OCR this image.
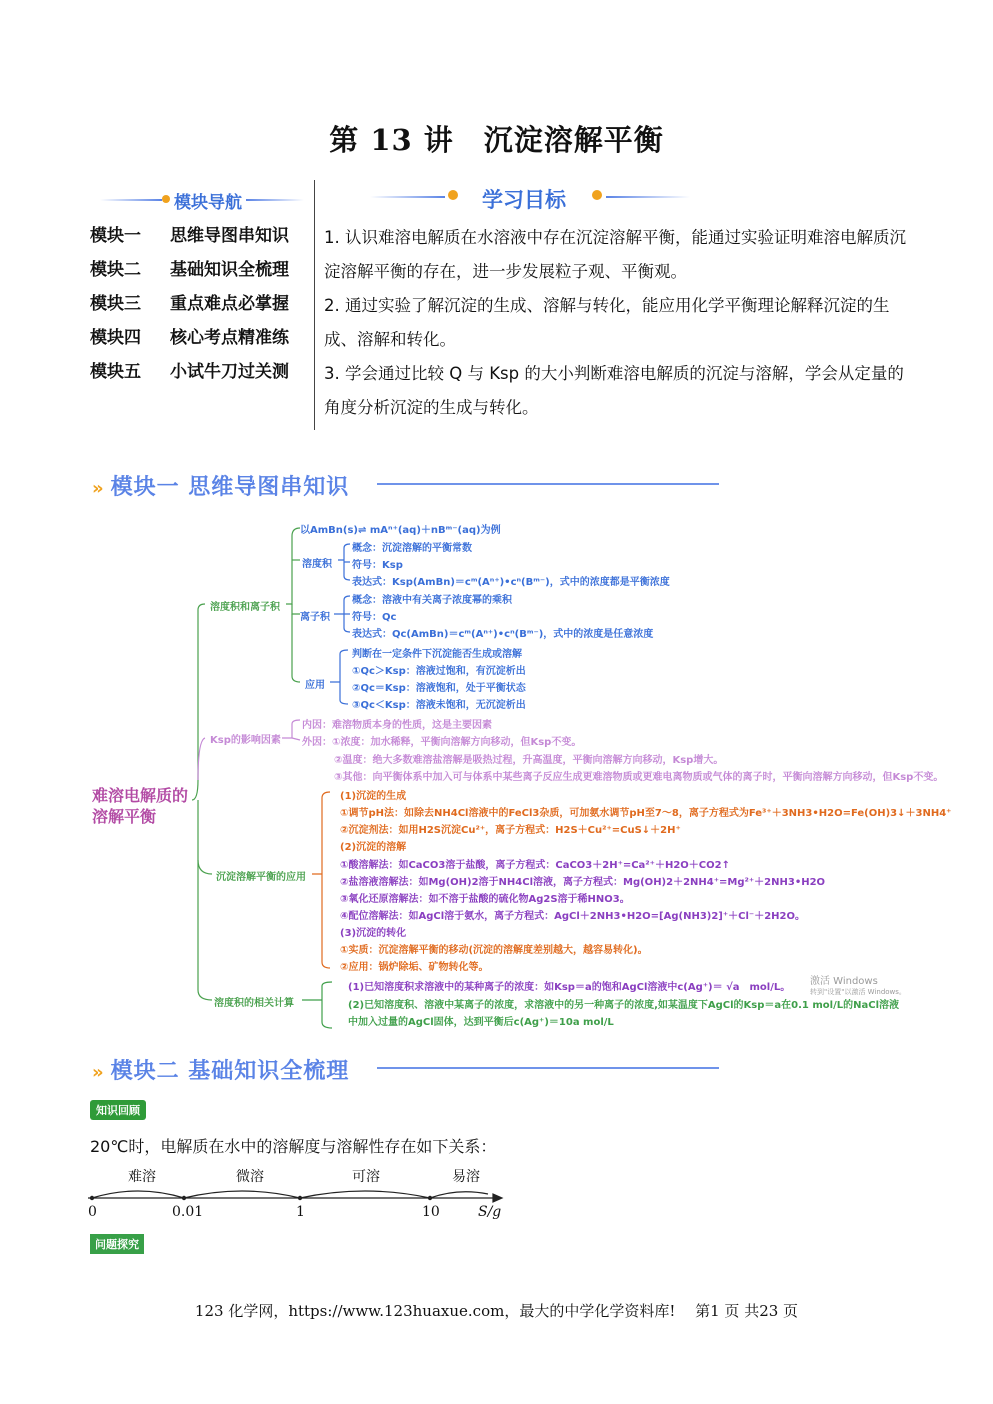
第 13 讲　沉淀溶解平衡
模块导航
模块一 思维导图串知识
模块二 基础知识全梳理
模块三 重点难点必掌握
模块四 核心考点精准练
模块五 小试牛刀过关测
学习目标
1. 认识难溶电解质在水溶液中存在沉淀溶解平衡，能通过实验证明难溶电解质沉淀溶解平衡的存在，进一步发展粒子观、平衡观。
2. 通过实验了解沉淀的生成、溶解与转化，能应用化学平衡理论解释沉淀的生成、溶解和转化。
3. 学会通过比较 Q 与 Ksp 的大小判断难溶电解质的沉淀与溶解，学会从定量的角度分析沉淀的生成与转化。
» 模块一 思维导图串知识
难溶电解质的
溶解平衡
溶度积和离子积
Ksp的影响因素
沉淀溶解平衡的应用
溶度积的相关计算
以AmBn(s)⇌ mAⁿ⁺(aq)＋nBᵐ⁻(aq)为例
溶度积
离子积
应用
概念：沉淀溶解的平衡常数
符号：Ksp
表达式：Ksp(AmBn)＝cᵐ(Aⁿ⁺)•cⁿ(Bᵐ⁻)，式中的浓度都是平衡浓度
概念：溶液中有关离子浓度幂的乘积
符号：Qc
表达式：Qc(AmBn)＝cᵐ(Aⁿ⁺)•cⁿ(Bᵐ⁻)，式中的浓度是任意浓度
判断在一定条件下沉淀能否生成或溶解
①Qc＞Ksp：溶液过饱和，有沉淀析出
②Qc＝Ksp：溶液饱和，处于平衡状态
③Qc＜Ksp：溶液未饱和，无沉淀析出
内因：难溶物质本身的性质，这是主要因素
外因：①浓度：加水稀释，平衡向溶解方向移动，但Ksp不变。
②温度：绝大多数难溶盐溶解是吸热过程，升高温度，平衡向溶解方向移动，Ksp增大。
③其他：向平衡体系中加入可与体系中某些离子反应生成更难溶物质或更难电离物质或气体的离子时，平衡向溶解方向移动，但Ksp不变。
(1)沉淀的生成
①调节pH法：如除去NH4Cl溶液中的FeCl3杂质，可加氨水调节pH至7～8，离子方程式为Fe³⁺＋3NH3•H2O=Fe(OH)3↓＋3NH4⁺
②沉淀剂法：如用H2S沉淀Cu²⁺，离子方程式：H2S＋Cu²⁺=CuS↓＋2H⁺
(2)沉淀的溶解
①酸溶解法：如CaCO3溶于盐酸，离子方程式：CaCO3＋2H⁺=Ca²⁺＋H2O＋CO2↑
②盐溶液溶解法：如Mg(OH)2溶于NH4Cl溶液，离子方程式：Mg(OH)2＋2NH4⁺=Mg²⁺＋2NH3•H2O
③氧化还原溶解法：如不溶于盐酸的硫化物Ag2S溶于稀HNO3。
④配位溶解法：如AgCl溶于氨水，离子方程式：AgCl＋2NH3•H2O=[Ag(NH3)2]⁺＋Cl⁻＋2H2O。
(3)沉淀的转化
①实质：沉淀溶解平衡的移动(沉淀的溶解度差别越大，越容易转化)。
②应用：锅炉除垢、矿物转化等。
(1)已知溶度积求溶液中的某种离子的浓度：如Ksp＝a的饱和AgCl溶液中c(Ag⁺)＝ √a　mol/L。
(2)已知溶度积、溶液中某离子的浓度，求溶液中的另一种离子的浓度,如某温度下AgCl的Ksp＝a在0.1 mol/L的NaCl溶液
中加入过量的AgCl固体，达到平衡后c(Ag⁺)＝10a mol/L
激活 Windows
转到"设置"以激活 Windows。
» 模块二 基础知识全梳理
知识回顾
20℃时，电解质在水中的溶解度与溶解性存在如下关系：
难溶	微溶	可溶	易溶
0	0.01	1	10	S/g
问题探究
123 化学网，https://www.123huaxue.com，最大的中学化学资料库!　 第1 页 共23 页
